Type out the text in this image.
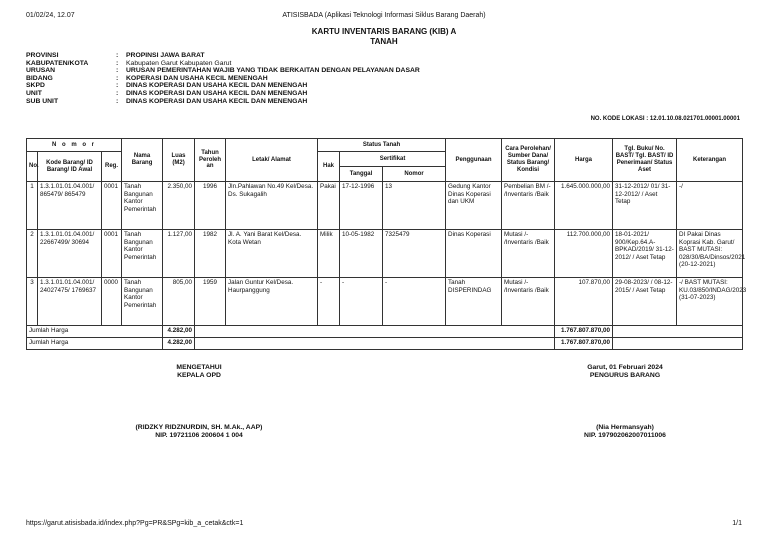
01/02/24, 12.07	ATISISBADA (Aplikasi Teknologi Informasi Siklus Barang Daerah)
KARTU INVENTARIS BARANG (KIB) A
TANAH
PROVINSI	:	PROPINSI JAWA BARAT
KABUPATEN/KOTA	:	Kabupaten Garut Kabupaten Garut
URUSAN	:	URUSAN PEMERINTAHAN WAJIB YANG TIDAK BERKAITAN DENGAN PELAYANAN DASAR
BIDANG	:	KOPERASI DAN USAHA KECIL MENENGAH
SKPD	:	DINAS KOPERASI DAN USAHA KECIL DAN MENENGAH
UNIT	:	DINAS KOPERASI DAN USAHA KECIL DAN MENENGAH
SUB UNIT	:	DINAS KOPERASI DAN USAHA KECIL DAN MENENGAH
NO. KODE LOKASI : 12.01.10.08.021701.00001.00001
N o m o r			Nama Barang	Luas (M2)	Tahun Peroleh an	Letak/ Alamat	Status Tanah			Penggunaan	Cara Perolehan/ Sumber Dana/ Status Barang/ Kondisi	Harga	Tgl. Buku/ No. BAST/ Tgl. BAST/ ID Penerimaan/ Status Aset	Keterangan
No.	Kode Barang/ ID Barang/ ID Awal	Reg.					Hak	Sertifikat						
								Tanggal	Nomor					
1	1.3.1.01.01.04.001/ 865479/ 865479	0001	Tanah Bangunan Kantor Pemerintah	2.350,00	1996	Jln.Pahlawan No.49 Kel/Desa. Ds. Sukagalih	Pakai	17-12-1996	13	Gedung Kantor Dinas Koperasi dan UKM	Pembelian BM /- /Inventaris /Baik	1.645.000.000,00	31-12-2012/ 01/ 31-12-2012/ / Aset Tetap	-/
2	1.3.1.01.01.04.001/ 22667499/ 30694	0001	Tanah Bangunan Kantor Pemerintah	1.127,00	1982	Jl. A. Yani Barat Kel/Desa. Kota Wetan	Milik	10-05-1982	7325479	Dinas Koperasi	Mutasi /- /Inventaris /Baik	112.700.000,00	18-01-2021/ 900/Kep.64.A-BPKAD/2019/ 31-12-2012/ / Aset Tetap	DI Pakai Dinas Koprasi Kab. Garut/ BAST MUTASI: 028/30/BA/Dinsos/2021 (20-12-2021)
3	1.3.1.01.01.04.001/ 24027475/ 1769637	0000	Tanah Bangunan Kantor Pemerintah	805,00	1959	Jalan Guntur Kel/Desa. Haurpanggung	-	-	-	Tanah DISPERINDAG	Mutasi /- /Inventaris /Baik	107.870,00	29-08-2023/ / 08-12-2015/ / Aset Tetap	-/ BAST MUTASI: KU.03/850/INDAG/2023 (31-07-2023)
Jumlah Harga				4.282,00								1.767.807.870,00		
Jumlah Harga				4.282,00								1.767.807.870,00		
MENGETAHUI
KEPALA OPD
(RIDZKY RIDZNURDIN, SH. M.Ak., AAP)
NIP. 19721106 200604 1 004
Garut, 01 Februari 2024
PENGURUS BARANG
(Nia Hermansyah)
NIP. 197902062007011006
https://garut.atisisbada.id/index.php?Pg=PR&SPg=kib_a_cetak&ctk=1	1/1
